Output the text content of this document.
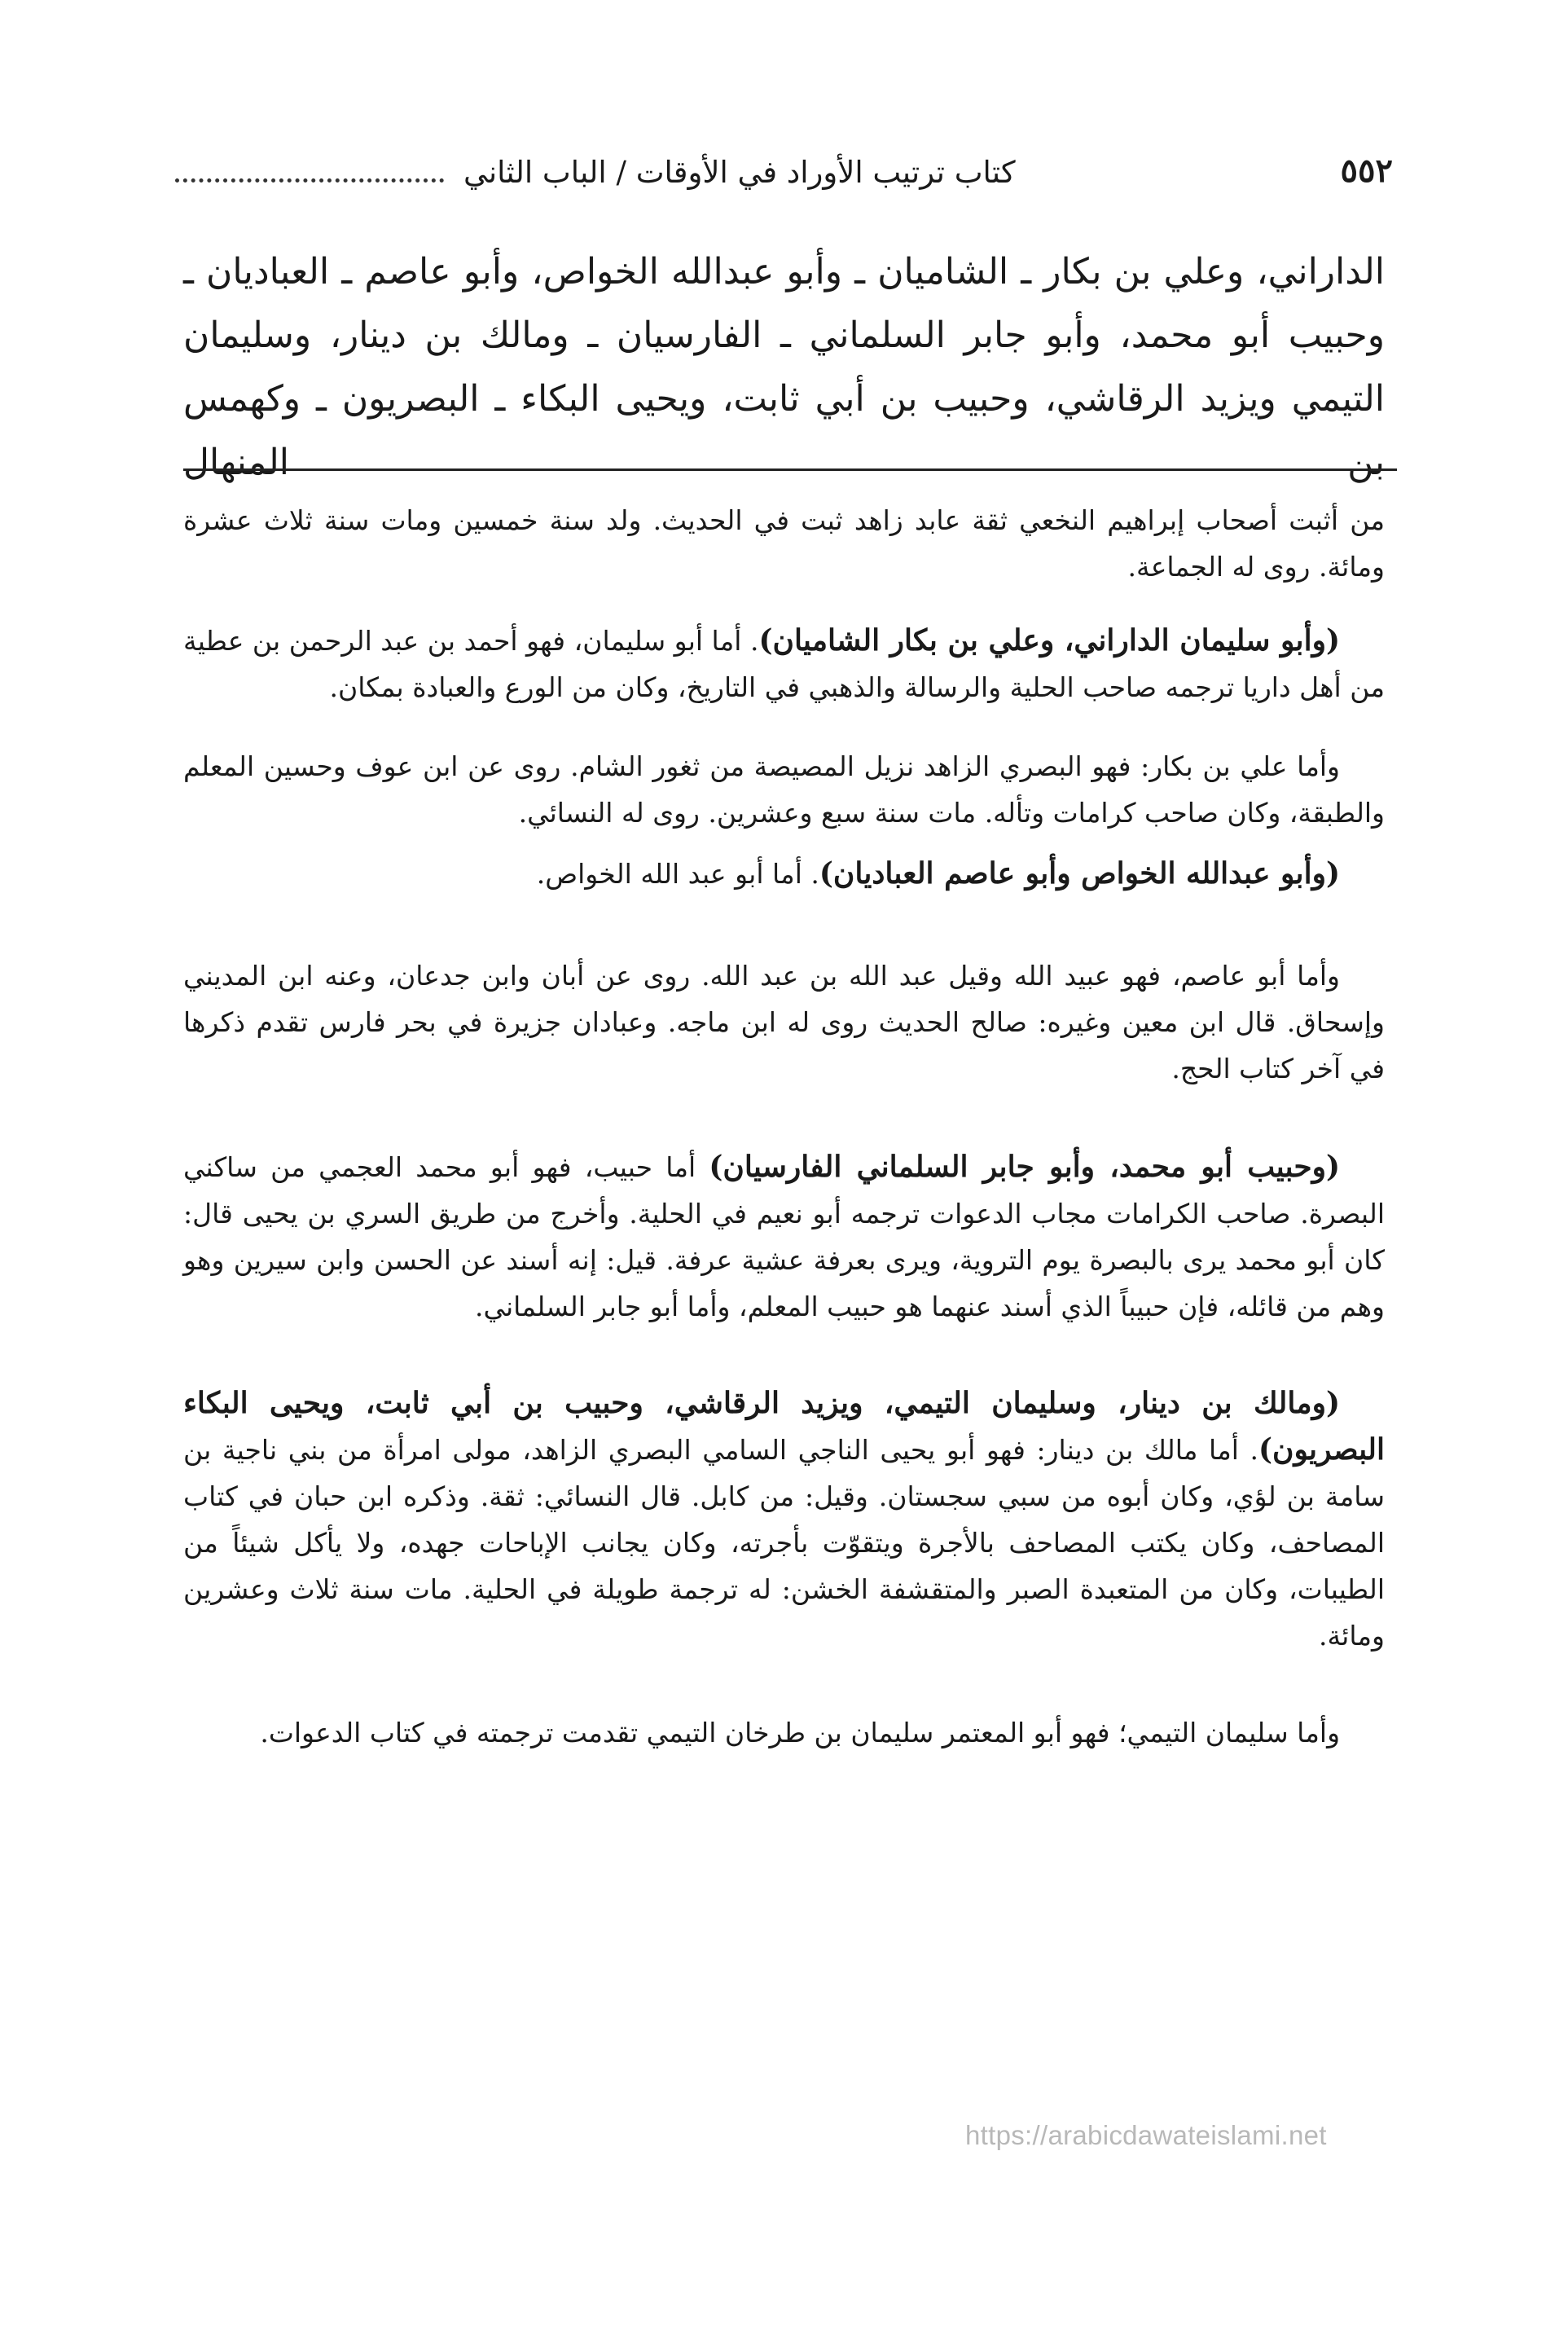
٥٥٢
كتاب ترتيب الأوراد في الأوقات / الباب الثاني

الداراني، وعلي بن بكار ـ الشاميان ـ وأبو عبدالله الخواص، وأبو عاصم ـ العباديان ـ وحبيب أبو محمد، وأبو جابر السلماني ـ الفارسيان ـ ومالك بن دينار، وسليمان التيمي ويزيد الرقاشي، وحبيب بن أبي ثابت، ويحيى البكاء ـ البصريون ـ وكهمس بن المنهال

من أثبت أصحاب إبراهيم النخعي ثقة عابد زاهد ثبت في الحديث. ولد سنة خمسين ومات سنة ثلاث عشرة ومائة. روى له الجماعة.

(وأبو سليمان الداراني، وعلي بن بكار الشاميان). أما أبو سليمان، فهو أحمد بن عبد الرحمن بن عطية من أهل داريا ترجمه صاحب الحلية والرسالة والذهبي في التاريخ، وكان من الورع والعبادة بمكان.

وأما علي بن بكار: فهو البصري الزاهد نزيل المصيصة من ثغور الشام. روى عن ابن عوف وحسين المعلم والطبقة، وكان صاحب كرامات وتأله. مات سنة سبع وعشرين. روى له النسائي.

(وأبو عبدالله الخواص وأبو عاصم العباديان). أما أبو عبد الله الخواص.

وأما أبو عاصم، فهو عبيد الله وقيل عبد الله بن عبد الله. روى عن أبان وابن جدعان، وعنه ابن المديني وإسحاق. قال ابن معين وغيره: صالح الحديث روى له ابن ماجه. وعبادان جزيرة في بحر فارس تقدم ذكرها في آخر كتاب الحج.

(وحبيب أبو محمد، وأبو جابر السلماني الفارسيان) أما حبيب، فهو أبو محمد العجمي من ساكني البصرة. صاحب الكرامات مجاب الدعوات ترجمه أبو نعيم في الحلية. وأخرج من طريق السري بن يحيى قال: كان أبو محمد يرى بالبصرة يوم التروية، ويرى بعرفة عشية عرفة. قيل: إنه أسند عن الحسن وابن سيرين وهو وهم من قائله، فإن حبيباً الذي أسند عنهما هو حبيب المعلم، وأما أبو جابر السلماني.

(ومالك بن دينار، وسليمان التيمي، ويزيد الرقاشي، وحبيب بن أبي ثابت، ويحيى البكاء البصريون). أما مالك بن دينار: فهو أبو يحيى الناجي السامي البصري الزاهد، مولى امرأة من بني ناجية بن سامة بن لؤي، وكان أبوه من سبي سجستان. وقيل: من كابل. قال النسائي: ثقة. وذكره ابن حبان في كتاب المصاحف، وكان يكتب المصاحف بالأجرة ويتقوّت بأجرته، وكان يجانب الإباحات جهده، ولا يأكل شيئاً من الطيبات، وكان من المتعبدة الصبر والمتقشفة الخشن: له ترجمة طويلة في الحلية. مات سنة ثلاث وعشرين ومائة.

وأما سليمان التيمي؛ فهو أبو المعتمر سليمان بن طرخان التيمي تقدمت ترجمته في كتاب الدعوات.

https://arabicdawateislami.net
